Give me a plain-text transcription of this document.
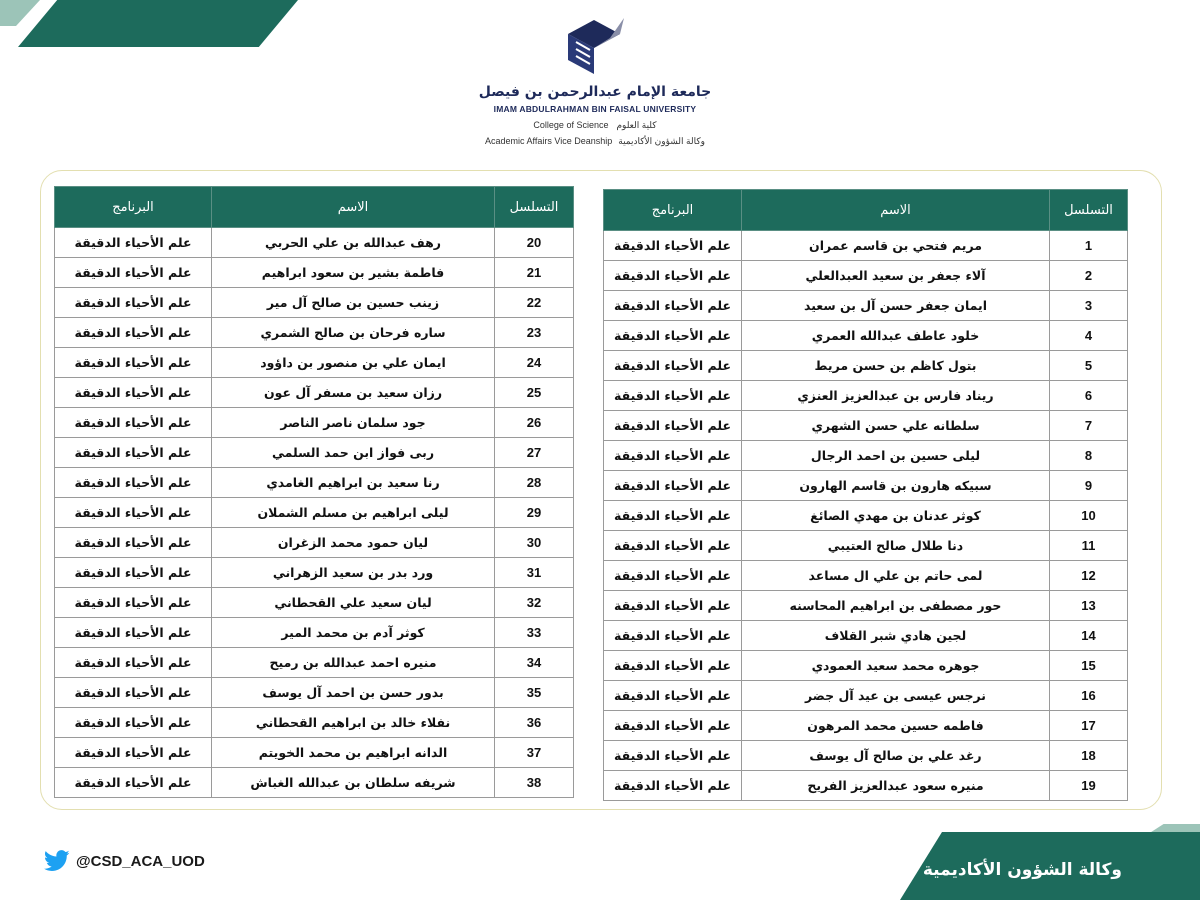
جامعة الإمام عبدالرحمن بن فيصل
IMAM ABDULRAHMAN BIN FAISAL UNIVERSITY
College of Science كلية العلوم
Academic Affairs Vice Deanship وكالة الشؤون الأكاديمية
التسلسل	الاسم	البرنامج
1	مريم فتحي بن قاسم عمران	علم الأحياء الدقيقة
2	آلاء جعفر بن سعيد العبدالعلي	علم الأحياء الدقيقة
3	ايمان جعفر حسن آل بن سعيد	علم الأحياء الدقيقة
4	خلود عاطف عبدالله العمري	علم الأحياء الدقيقة
5	بتول كاظم بن حسن مريط	علم الأحياء الدقيقة
6	ريناد فارس بن عبدالعزيز العنزي	علم الأحياء الدقيقة
7	سلطانه علي حسن الشهري	علم الأحياء الدقيقة
8	ليلى حسين بن احمد الرجال	علم الأحياء الدقيقة
9	سبيكه هارون بن قاسم الهارون	علم الأحياء الدقيقة
10	كوثر عدنان بن مهدي الصائغ	علم الأحياء الدقيقة
11	دنا طلال صالح العتيبي	علم الأحياء الدقيقة
12	لمى حاتم بن علي ال مساعد	علم الأحياء الدقيقة
13	حور مصطفى بن ابراهيم المحاسنه	علم الأحياء الدقيقة
14	لجين هادي شبر القلاف	علم الأحياء الدقيقة
15	جوهره محمد سعيد العمودي	علم الأحياء الدقيقة
16	نرجس عيسى بن عيد آل جضر	علم الأحياء الدقيقة
17	فاطمه حسين محمد المرهون	علم الأحياء الدقيقة
18	رغد علي بن صالح آل يوسف	علم الأحياء الدقيقة
19	منيره سعود عبدالعزيز الفريح	علم الأحياء الدقيقة
التسلسل	الاسم	البرنامج
20	رهف عبدالله بن علي الحربي	علم الأحياء الدقيقة
21	فاطمة بشير بن سعود ابراهيم	علم الأحياء الدقيقة
22	زينب حسين بن صالح آل مير	علم الأحياء الدقيقة
23	ساره فرحان بن صالح الشمري	علم الأحياء الدقيقة
24	ايمان علي بن منصور بن داؤود	علم الأحياء الدقيقة
25	رزان سعيد بن مسفر آل عون	علم الأحياء الدقيقة
26	جود سلمان ناصر الناصر	علم الأحياء الدقيقة
27	ربى فواز ابن حمد السلمي	علم الأحياء الدقيقة
28	رنا سعيد بن ابراهيم الغامدي	علم الأحياء الدقيقة
29	ليلى ابراهيم بن مسلم الشملان	علم الأحياء الدقيقة
30	ليان حمود محمد الزغران	علم الأحياء الدقيقة
31	ورد بدر بن سعيد الزهراني	علم الأحياء الدقيقة
32	ليان سعيد علي القحطاني	علم الأحياء الدقيقة
33	كوثر آدم بن محمد المير	علم الأحياء الدقيقة
34	منيره احمد عبدالله بن رميح	علم الأحياء الدقيقة
35	بدور حسن بن احمد آل يوسف	علم الأحياء الدقيقة
36	نفلاء خالد بن ابراهيم القحطاني	علم الأحياء الدقيقة
37	الدانه ابراهيم بن محمد الخويتم	علم الأحياء الدقيقة
38	شريفه سلطان بن عبدالله الغباش	علم الأحياء الدقيقة
@CSD_ACA_UOD	وكالة الشؤون الأكاديمية
